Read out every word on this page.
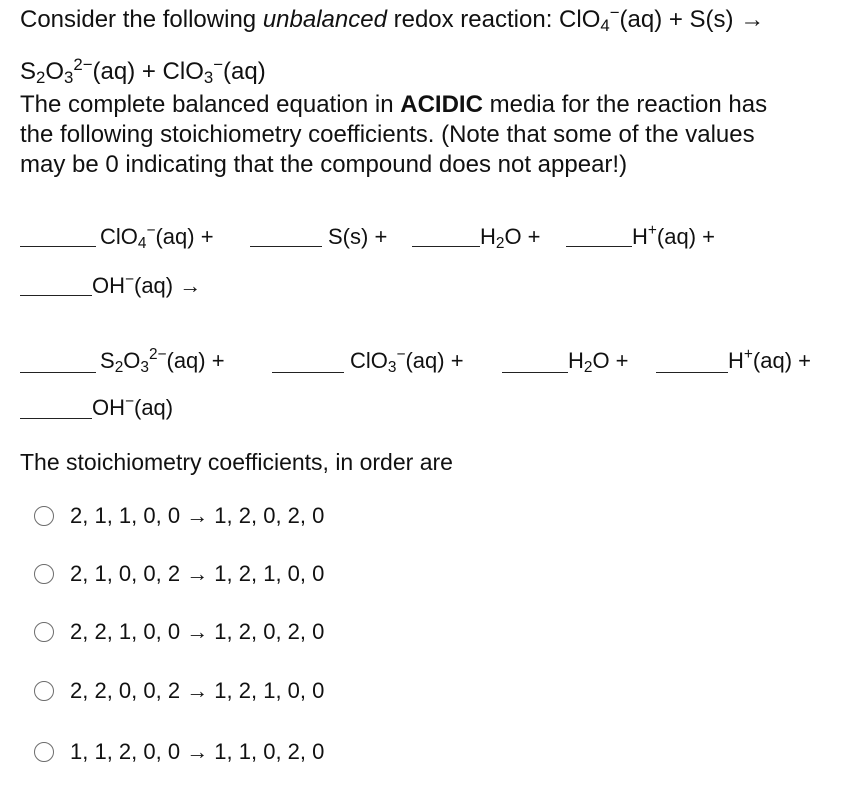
Consider the following unbalanced redox reaction: ClO$_4$−(aq) + S(s) →
$S_2O_3^{2-}(aq) + ClO_3^-(aq)$
The complete balanced equation in ACIDIC media for the reaction has
the following stoichiometry coefficients. (Note that some of the values
may be 0 indicating that the compound does not appear!)
ClO$_4$−(aq) +	S(s) +	$H_2O$ +	H+(aq) +
OH−(aq) →
$S_2O_3^{2-}(aq)$ +	ClO$_3$−(aq) +	$H_2O$ +	H+(aq) +
OH−(aq)
The stoichiometry coefficients, in order are
2, 1, 1, 0, 0 → 1, 2, 0, 2, 0
2, 1, 0, 0, 2 → 1, 2, 1, 0, 0
2, 2, 1, 0, 0 → 1, 2, 0, 2, 0
2, 2, 0, 0, 2 → 1, 2, 1, 0, 0
1, 1, 2, 0, 0 → 1, 1, 0, 2, 0
